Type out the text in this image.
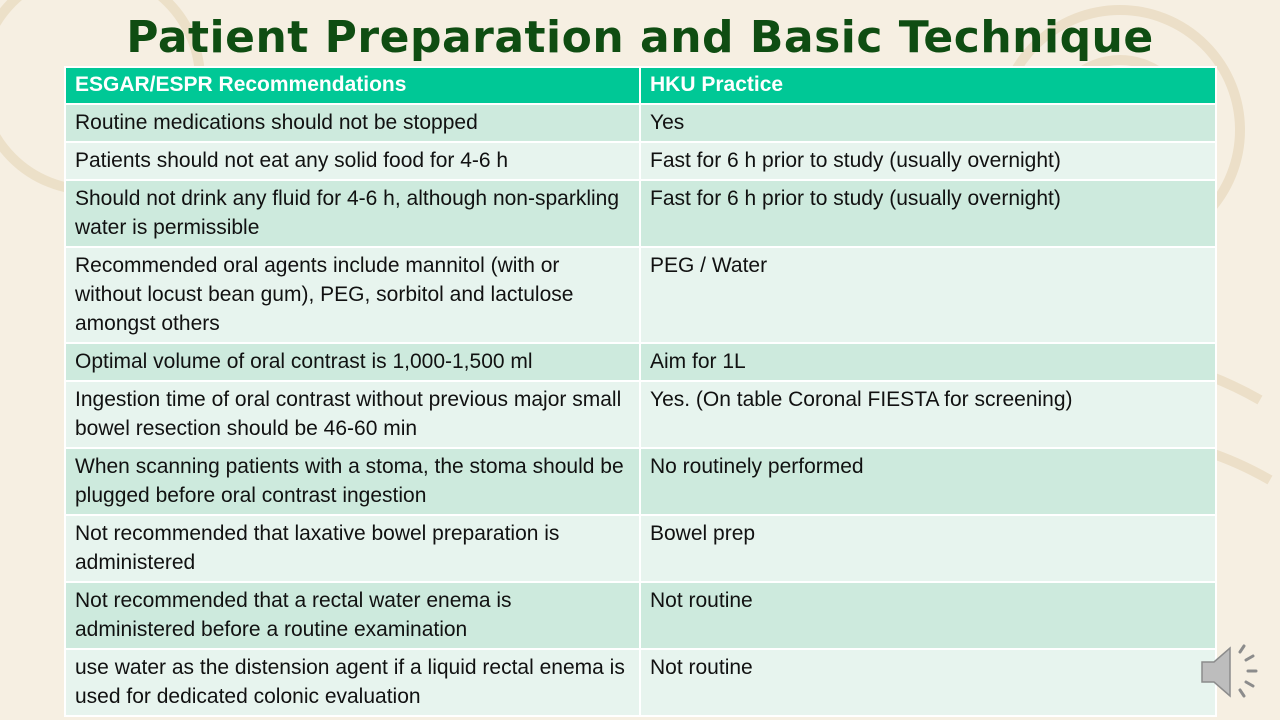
Patient Preparation and Basic Technique
ESGAR/ESPR Recommendations	HKU Practice
Routine medications should not be stopped	Yes
Patients should not eat any solid food for 4-6 h	Fast for 6 h prior to study (usually overnight)
Should not drink any fluid for 4-6 h, although non-sparkling water is permissible	Fast for 6 h prior to study (usually overnight)
Recommended oral agents include mannitol (with or without locust bean gum), PEG, sorbitol and lactulose amongst others	PEG / Water
Optimal volume of oral contrast is 1,000-1,500 ml	Aim for 1L
Ingestion time of oral contrast without previous major small bowel resection should be 46-60 min	Yes. (On table Coronal FIESTA for screening)
When scanning patients with a stoma, the stoma should be plugged before oral contrast ingestion	No routinely performed
Not recommended that laxative bowel preparation is administered	Bowel prep
Not recommended that a rectal water enema is administered before a routine examination	Not routine
use water as the distension agent if a liquid rectal enema is used for dedicated colonic evaluation	Not routine
